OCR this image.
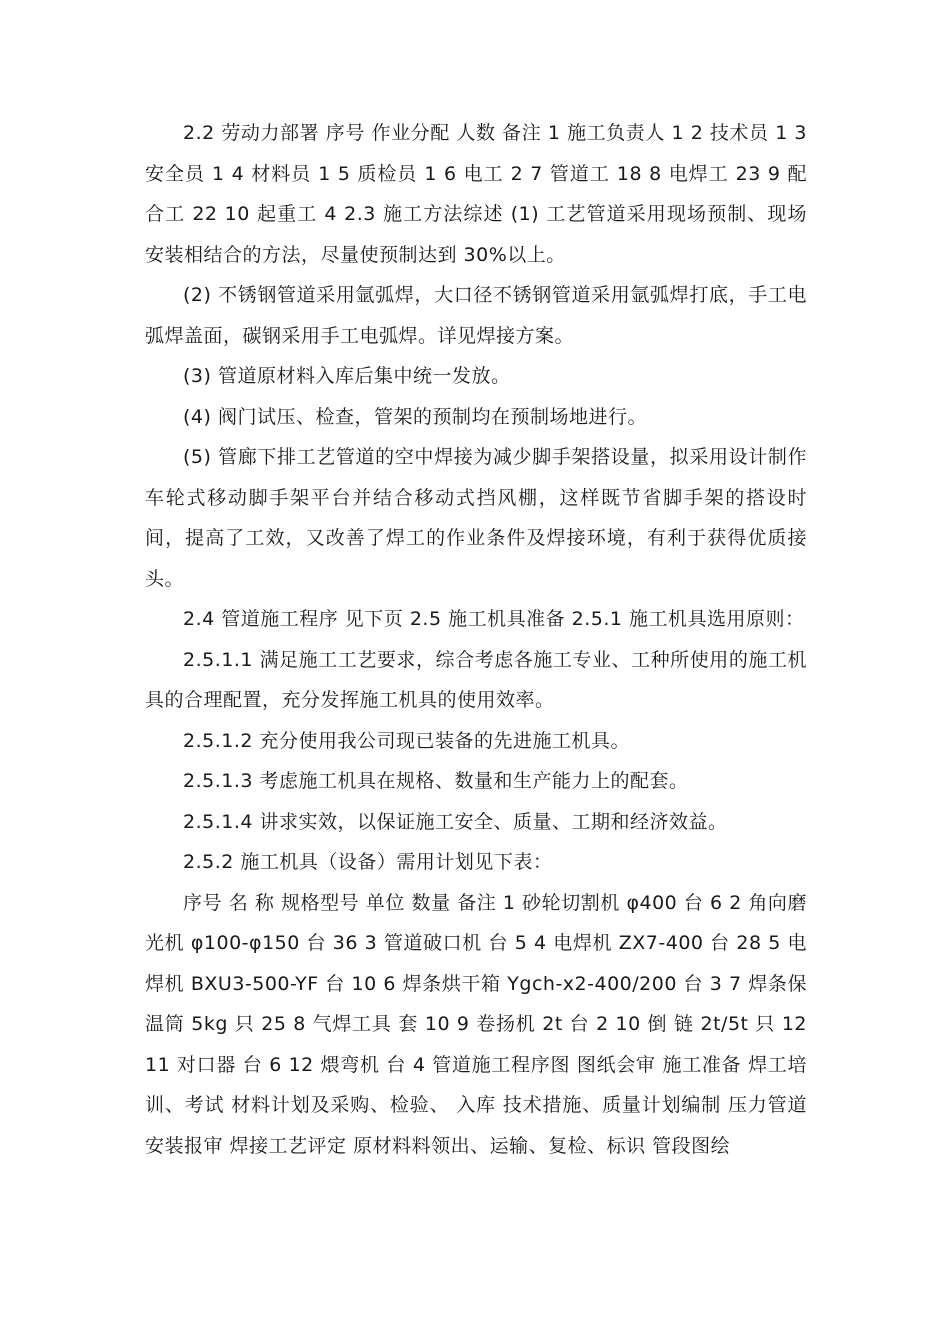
2.2 劳动力部署 序号 作业分配 人数 备注 1 施工负责人 1 2 技术员 1 3 安全员 1 4 材料员 1 5 质检员 1 6 电工 2 7 管道工 18 8 电焊工 23 9 配合工 22 10 起重工 4 2.3 施工方法综述 (1) 工艺管道采用现场预制、现场安装相结合的方法，尽量使预制达到 30%以上。

(2) 不锈钢管道采用氩弧焊，大口径不锈钢管道采用氩弧焊打底，手工电弧焊盖面，碳钢采用手工电弧焊。详见焊接方案。

(3) 管道原材料入库后集中统一发放。

(4) 阀门试压、检查，管架的预制均在预制场地进行。

(5) 管廊下排工艺管道的空中焊接为减少脚手架搭设量，拟采用设计制作车轮式移动脚手架平台并结合移动式挡风棚，这样既节省脚手架的搭设时间，提高了工效，又改善了焊工的作业条件及焊接环境，有利于获得优质接头。

2.4 管道施工程序 见下页 2.5 施工机具准备 2.5.1 施工机具选用原则：

2.5.1.1 满足施工工艺要求，综合考虑各施工专业、工种所使用的施工机具的合理配置，充分发挥施工机具的使用效率。

2.5.1.2 充分使用我公司现已装备的先进施工机具。

2.5.1.3 考虑施工机具在规格、数量和生产能力上的配套。

2.5.1.4 讲求实效，以保证施工安全、质量、工期和经济效益。

2.5.2 施工机具（设备）需用计划见下表：

序号 名 称 规格型号 单位 数量 备注 1 砂轮切割机 φ400 台 6 2 角向磨光机 φ100-φ150 台 36 3 管道破口机 台 5 4 电焊机 ZX7-400 台 28 5 电焊机 BXU3-500-YF 台 10 6 焊条烘干箱 Ygch-x2-400/200 台 3 7 焊条保温筒 5kg 只 25 8 气焊工具 套 10 9 卷扬机 2t 台 2 10 倒 链 2t/5t 只 12 11 对口器 台 6 12 煨弯机 台 4 管道施工程序图 图纸会审 施工准备 焊工培训、考试 材料计划及采购、检验、 入库 技术措施、质量计划编制 压力管道安装报审 焊接工艺评定 原材料料领出、运输、复检、标识 管段图绘
